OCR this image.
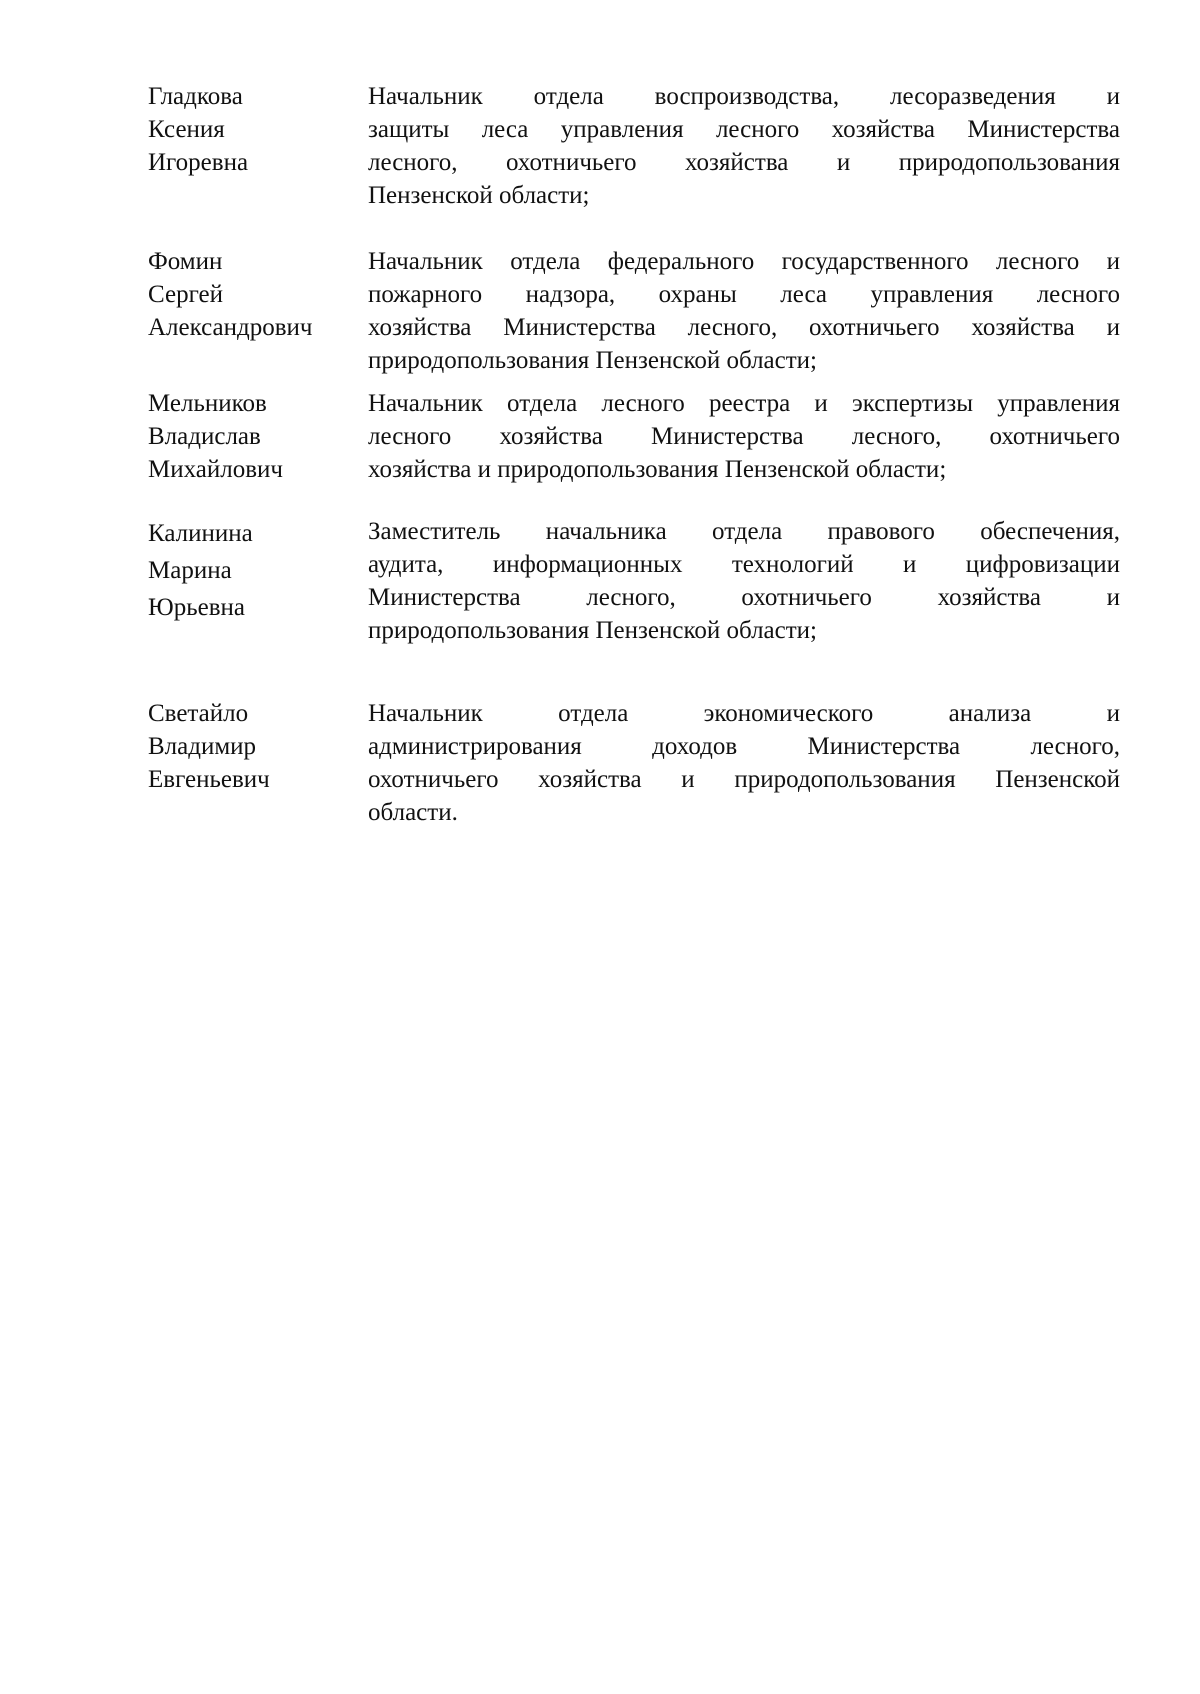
Гладкова
Ксения
Игоревна
Начальник отдела воспроизводства, лесоразведения и
защиты леса управления лесного хозяйства Министерства
лесного, охотничьего хозяйства и природопользования
Пензенской области;
Фомин
Сергей
Александрович
Начальник отдела федерального государственного лесного и
пожарного надзора, охраны леса управления лесного
хозяйства Министерства лесного, охотничьего хозяйства и
природопользования Пензенской области;
Мельников
Владислав
Михайлович
Начальник отдела лесного реестра и экспертизы управления
лесного хозяйства Министерства лесного, охотничьего
хозяйства и природопользования Пензенской области;
Калинина
Марина
Юрьевна
Заместитель начальника отдела правового обеспечения,
аудита, информационных технологий и цифровизации
Министерства лесного, охотничьего хозяйства и
природопользования Пензенской области;
Светайло
Владимир
Евгеньевич
Начальник отдела экономического анализа и
администрирования доходов Министерства лесного,
охотничьего хозяйства и природопользования Пензенской
области.
